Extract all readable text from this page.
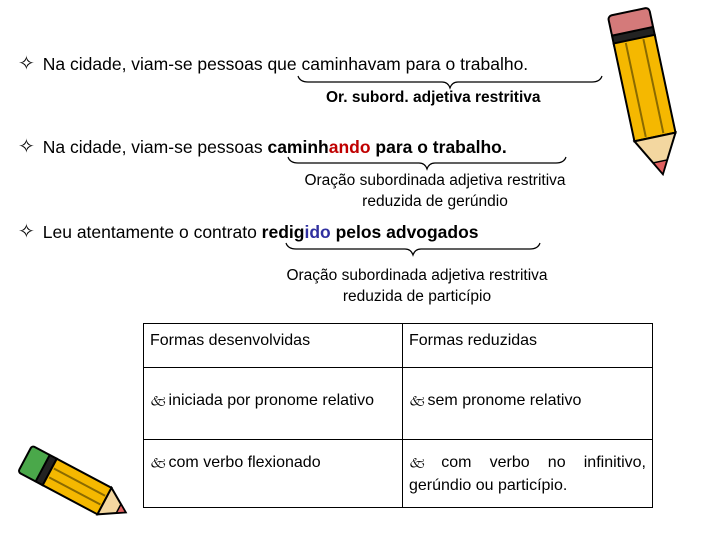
✧ Na cidade, viam-se pessoas que caminhavam para o trabalho.
Or. subord. adjetiva restritiva
✧ Na cidade, viam-se pessoas caminhando para o trabalho.
Oração subordinada adjetiva restritiva
reduzida de gerúndio
✧ Leu atentamente o contrato redigido pelos advogados
Oração subordinada adjetiva restritiva
reduzida de particípio
Formas desenvolvidas	Formas reduzidas
🙵 iniciada por pronome relativo	🙵 sem pronome relativo
🙵 com verbo flexionado	🙵 com verbo no infinitivo, gerúndio ou particípio.
